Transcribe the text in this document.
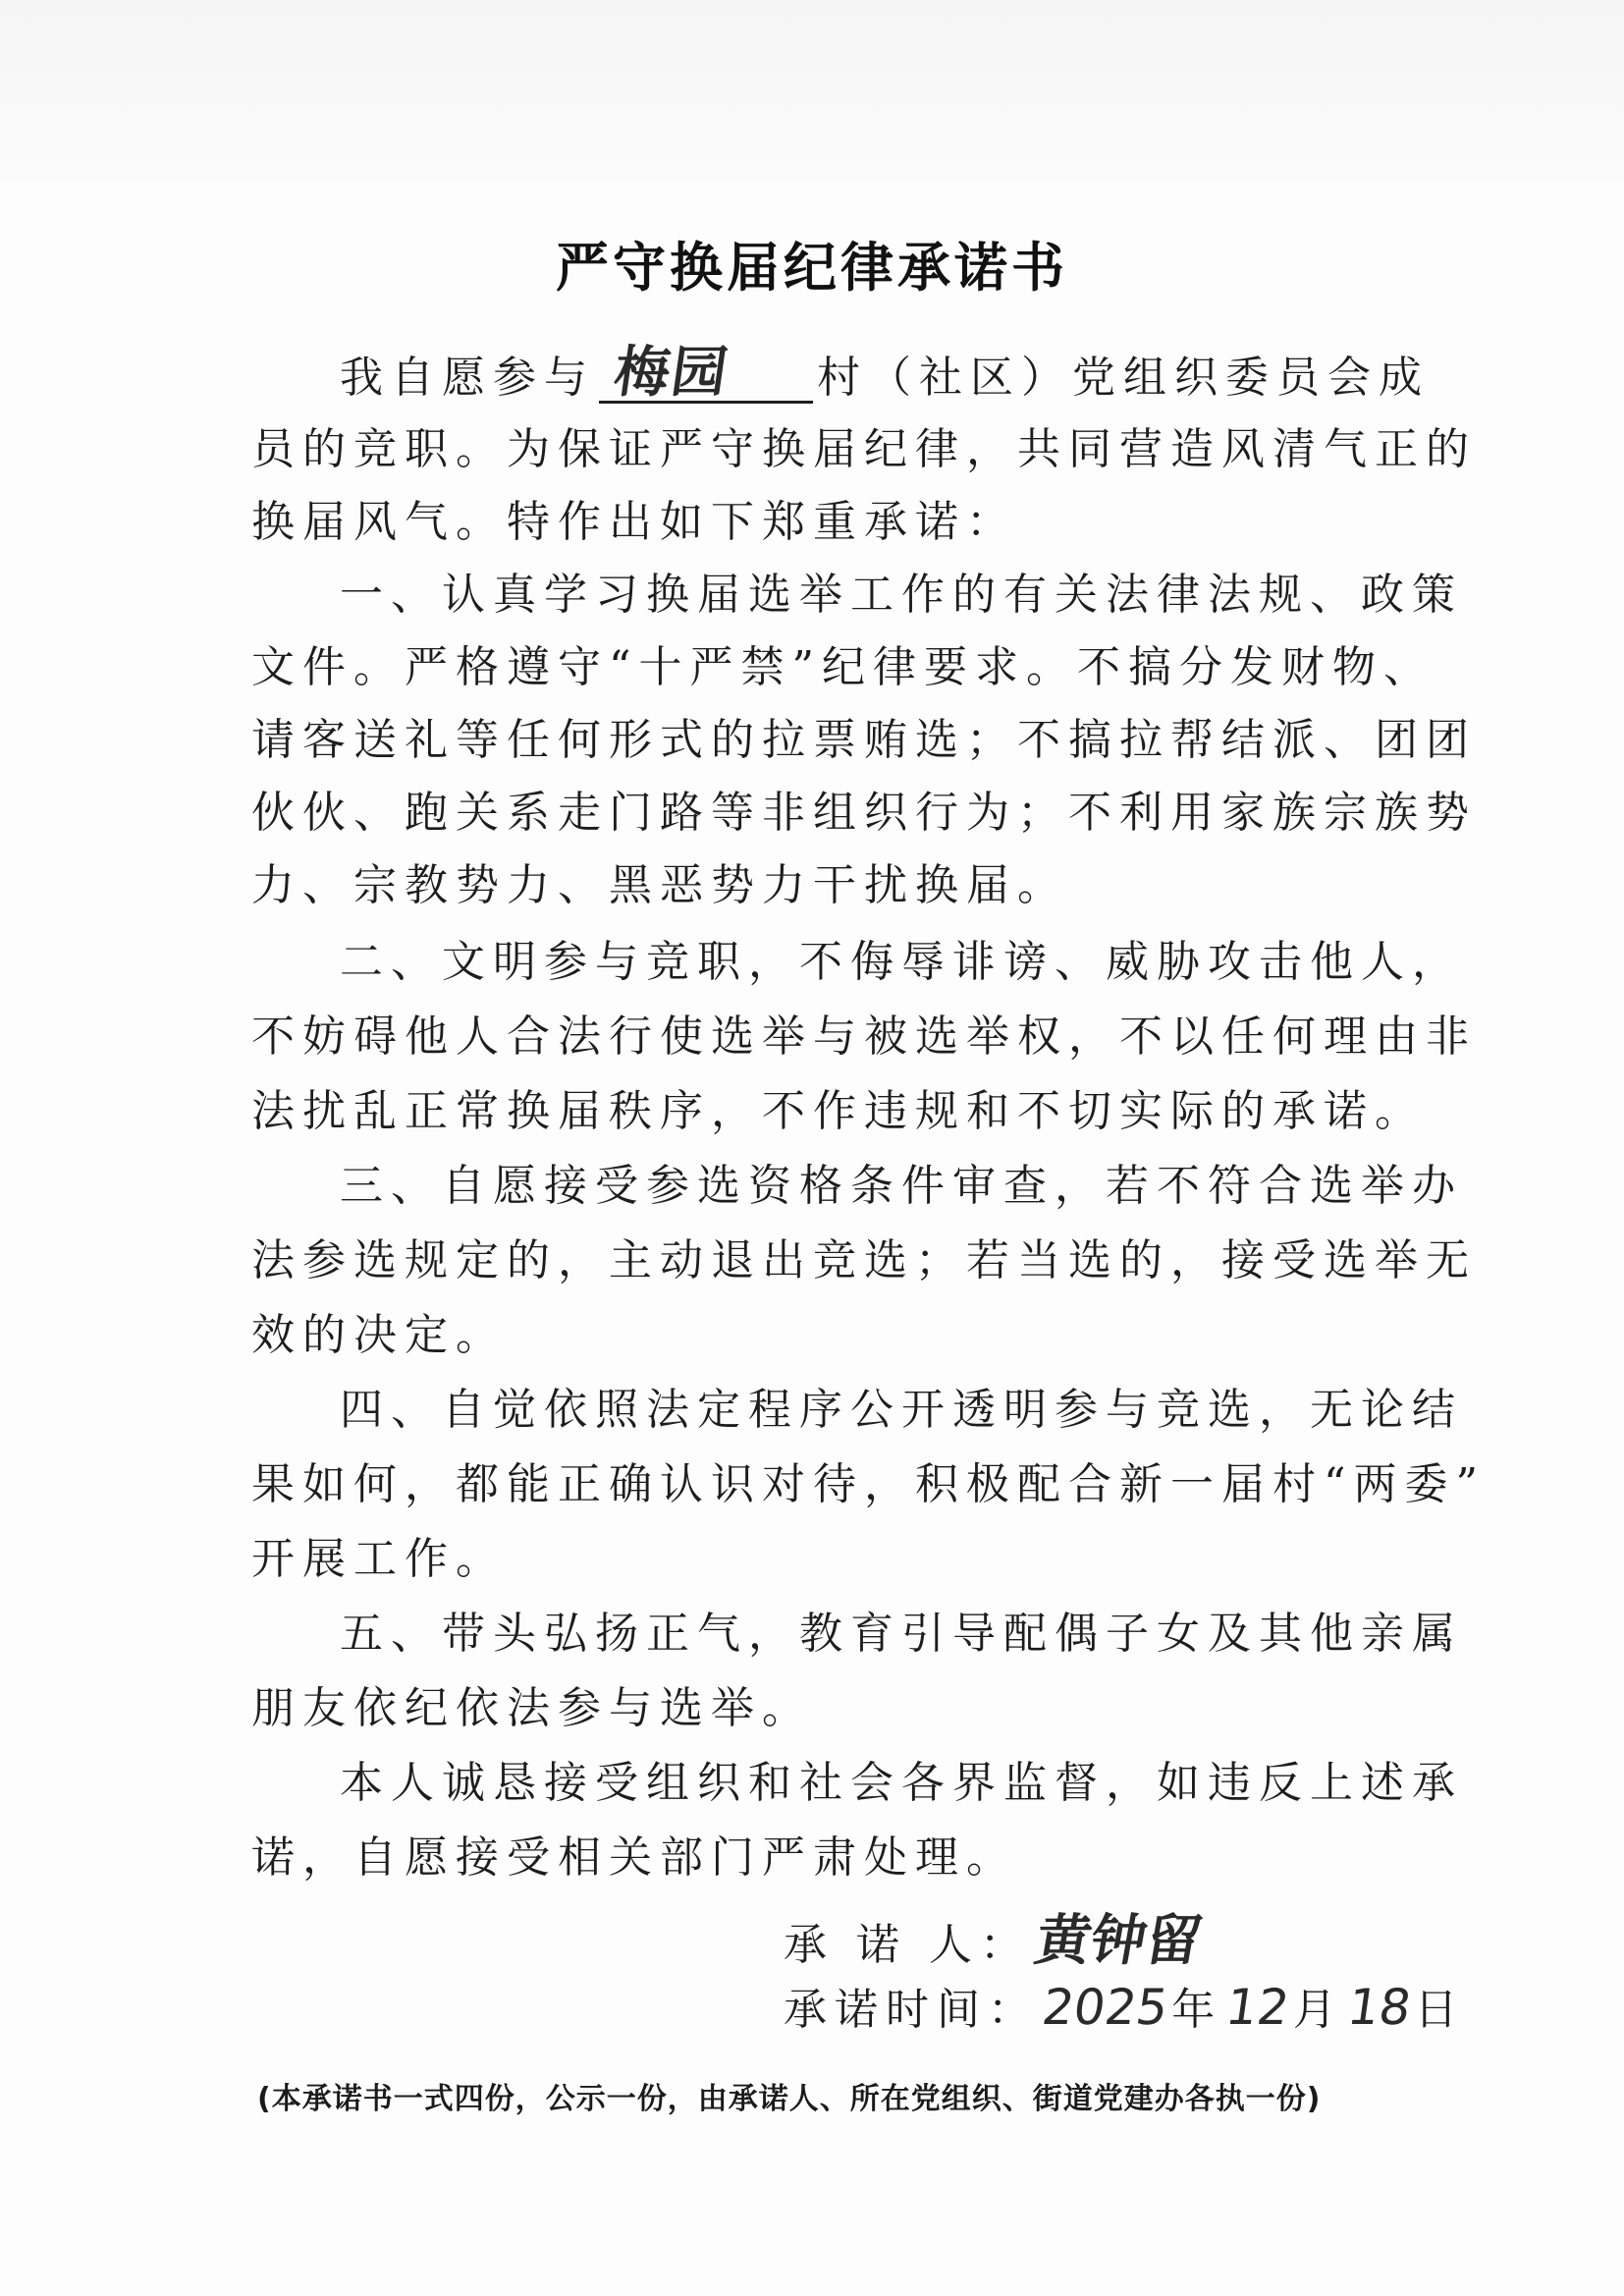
严守换届纪律承诺书
我自愿参与 梅园 村（社区）党组织委员会成
员的竞职。为保证严守换届纪律，共同营造风清气正的
换届风气。特作出如下郑重承诺：
一、认真学习换届选举工作的有关法律法规、政策
文件。严格遵守“十严禁”纪律要求。不搞分发财物、
请客送礼等任何形式的拉票贿选；不搞拉帮结派、团团
伙伙、跑关系走门路等非组织行为；不利用家族宗族势
力、宗教势力、黑恶势力干扰换届。
二、文明参与竞职，不侮辱诽谤、威胁攻击他人，
不妨碍他人合法行使选举与被选举权，不以任何理由非
法扰乱正常换届秩序，不作违规和不切实际的承诺。
三、自愿接受参选资格条件审查，若不符合选举办
法参选规定的，主动退出竞选；若当选的，接受选举无
效的决定。
四、自觉依照法定程序公开透明参与竞选，无论结
果如何，都能正确认识对待，积极配合新一届村“两委”
开展工作。
五、带头弘扬正气，教育引导配偶子女及其他亲属
朋友依纪依法参与选举。
本人诚恳接受组织和社会各界监督，如违反上述承
诺，自愿接受相关部门严肃处理。
承 诺 人：黄钟留
承诺时间：2025年12月18日
(本承诺书一式四份，公示一份，由承诺人、所在党组织、街道党建办各执一份)
